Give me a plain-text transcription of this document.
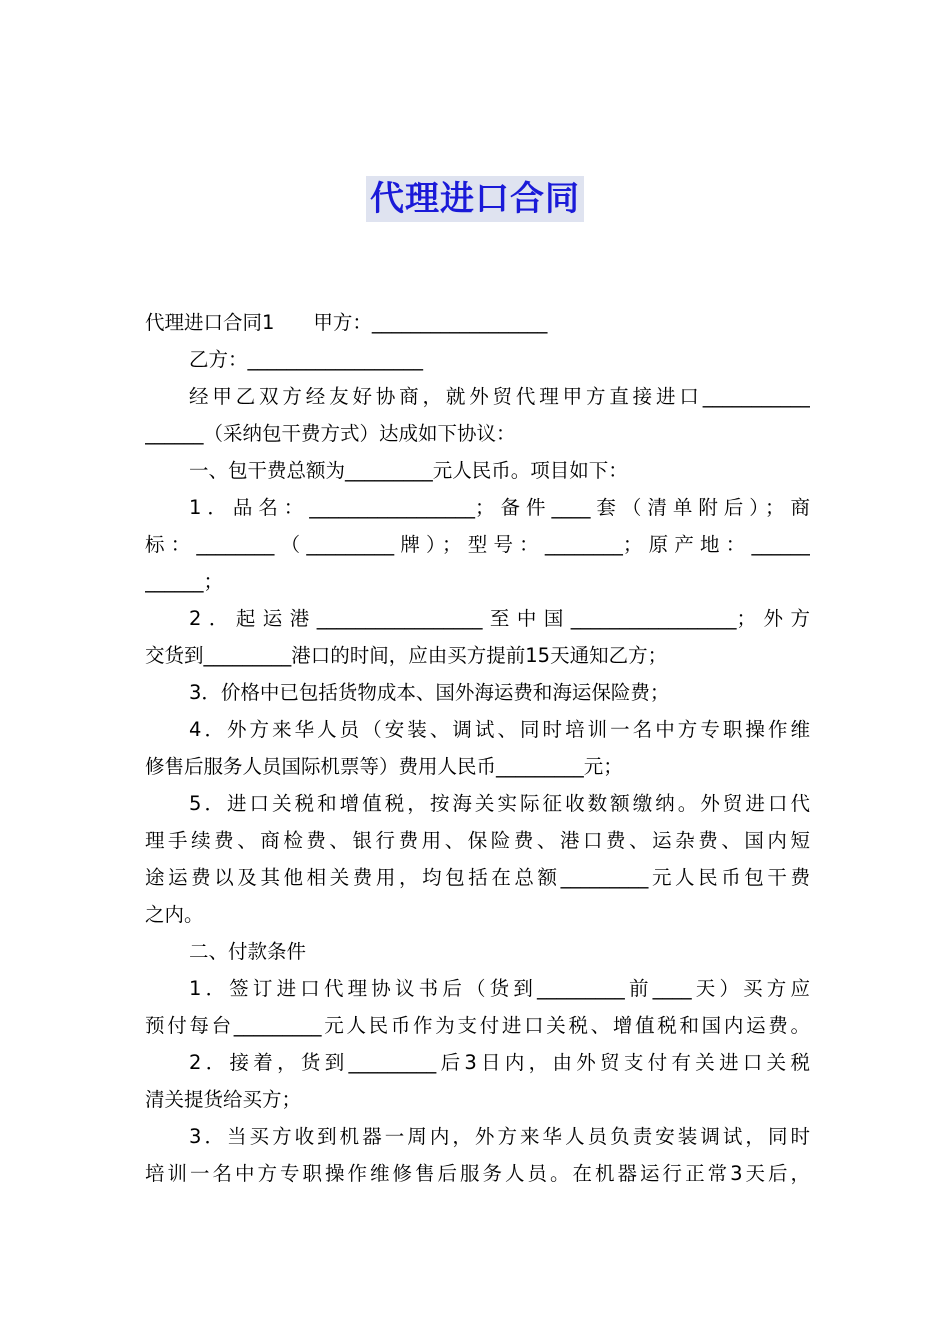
代理进口合同
代理进口合同1　　甲方：__________________
乙方：__________________
经甲乙双方经友好协商，就外贸代理甲方直接进口___________
______（采纳包干费方式）达成如下协议：
一、包干费总额为_________元人民币。项目如下：
1．品名：_________________；备件____套（清单附后）；商
标：________（_________牌）；型号：________；原产地：______
______；
2．起运港_________________至中国_________________；外方
交货到_________港口的时间，应由买方提前15天通知乙方；
3．价格中已包括货物成本、国外海运费和海运保险费；
4．外方来华人员（安装、调试、同时培训一名中方专职操作维
修售后服务人员国际机票等）费用人民币_________元；
5．进口关税和增值税，按海关实际征收数额缴纳。外贸进口代
理手续费、商检费、银行费用、保险费、港口费、运杂费、国内短
途运费以及其他相关费用，均包括在总额_________元人民币包干费
之内。
二、付款条件
1．签订进口代理协议书后（货到_________前____天）买方应
预付每台_________元人民币作为支付进口关税、增值税和国内运费。
2．接着，货到_________后3日内，由外贸支付有关进口关税
清关提货给买方；
3．当买方收到机器一周内，外方来华人员负责安装调试，同时
培训一名中方专职操作维修售后服务人员。在机器运行正常3天后，
